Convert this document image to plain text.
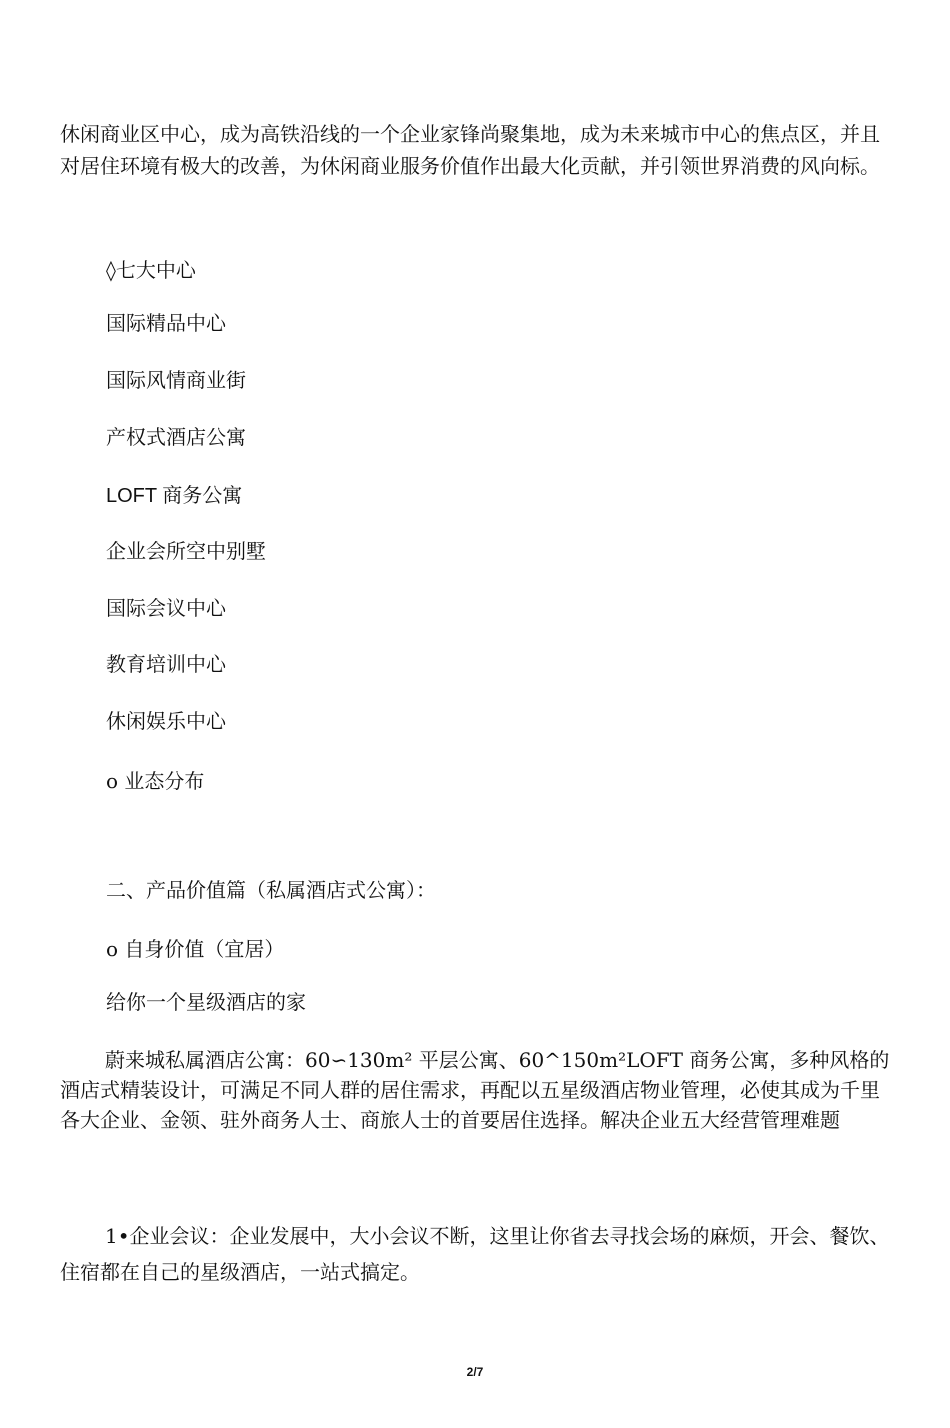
休闲商业区中心，成为高铁沿线的一个企业家锋尚聚集地，成为未来城市中心的焦点区，并且对居住环境有极大的改善，为休闲商业服务价值作出最大化贡献，并引领世界消费的风向标。

◊七大中心

国际精品中心

国际风情商业街

产权式酒店公寓

LOFT 商务公寓

企业会所空中别墅

国际会议中心

教育培训中心

休闲娱乐中心

o 业态分布

二、产品价值篇（私属酒店式公寓）：

o 自身价值（宜居）

给你一个星级酒店的家

蔚来城私属酒店公寓：60∽130m² 平层公寓、60^150m²LOFT 商务公寓，多种风格的酒店式精装设计，可满足不同人群的居住需求，再配以五星级酒店物业管理，必使其成为千里各大企业、金领、驻外商务人士、商旅人士的首要居住选择。解决企业五大经营管理难题

1•企业会议：企业发展中，大小会议不断，这里让你省去寻找会场的麻烦，开会、餐饮、住宿都在自己的星级酒店，一站式搞定。

2/7
